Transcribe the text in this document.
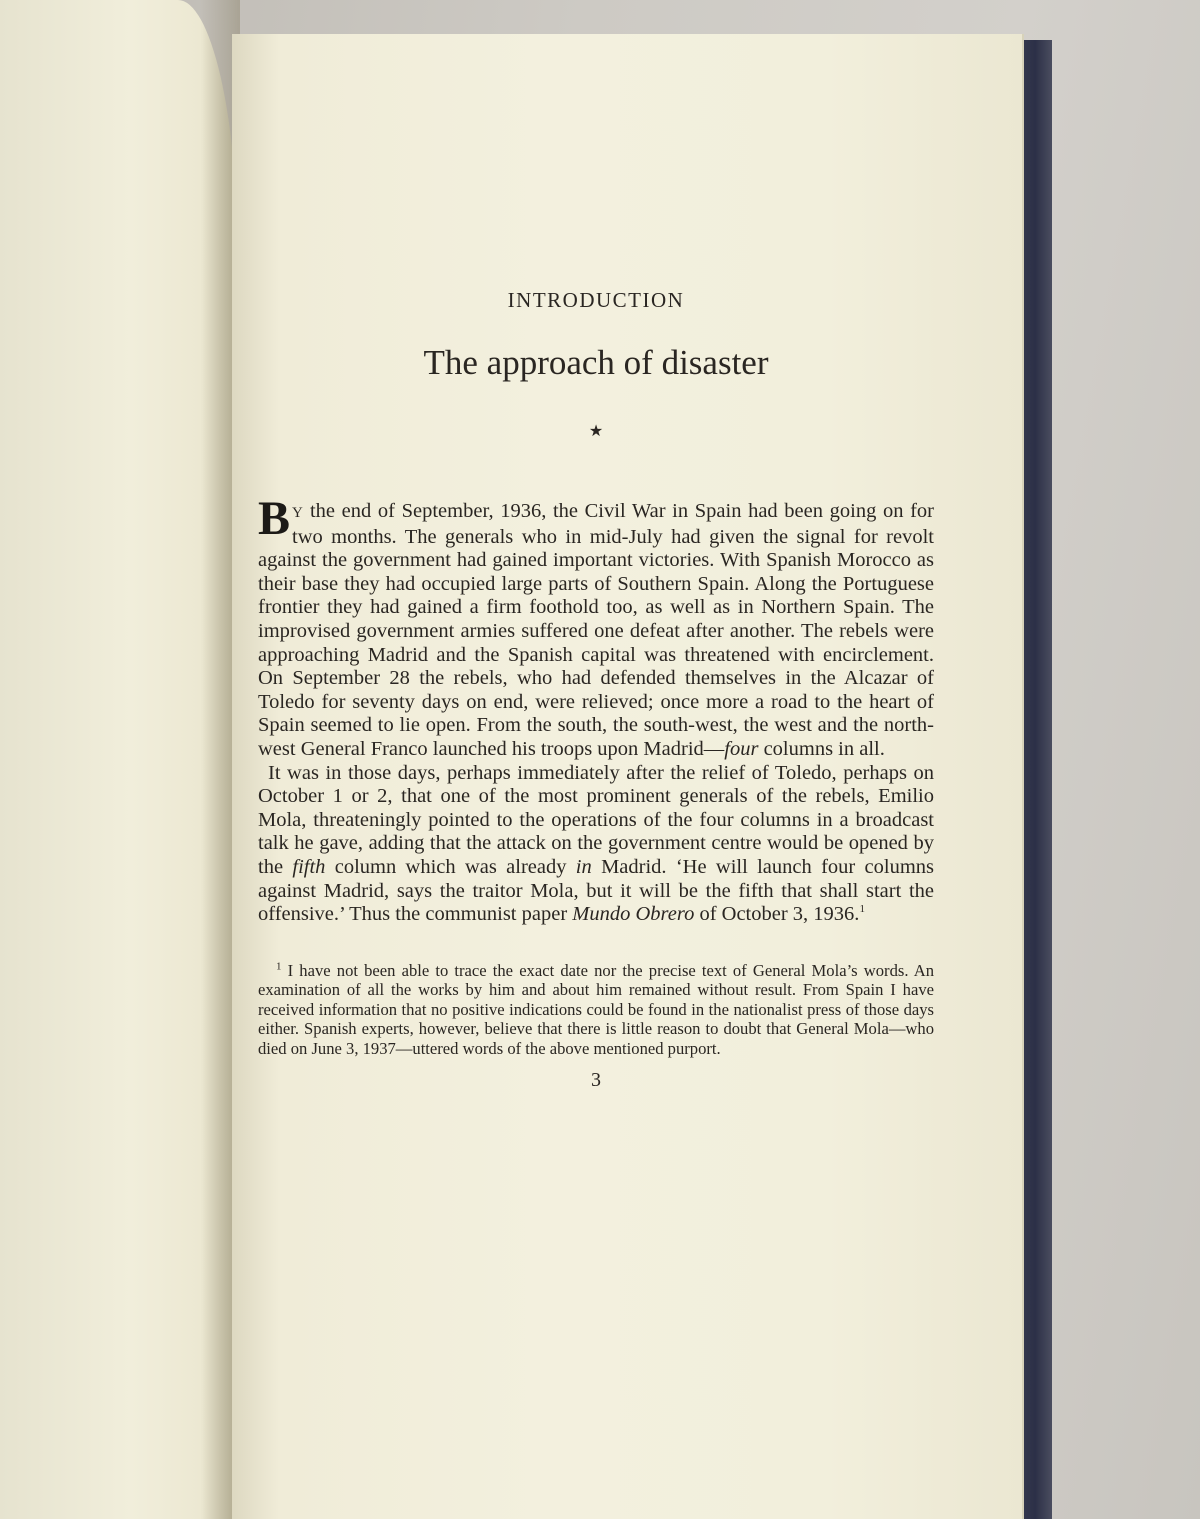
INTRODUCTION
The approach of disaster
★

B Y the end of September, 1936, the Civil War in Spain had been going on for two months. The generals who in mid-July had given the signal for revolt against the government had gained important victories. With Spanish Morocco as their base they had occupied large parts of Southern Spain. Along the Portuguese frontier they had gained a firm foothold too, as well as in Northern Spain. The improvised government armies suffered one defeat after another. The rebels were approaching Madrid and the Spanish capital was threatened with encirclement. On September 28 the rebels, who had defended themselves in the Alcazar of Toledo for seventy days on end, were relieved; once more a road to the heart of Spain seemed to lie open. From the south, the south-west, the west and the north-west General Franco launched his troops upon Madrid—four columns in all.

It was in those days, perhaps immediately after the relief of Toledo, perhaps on October 1 or 2, that one of the most prominent generals of the rebels, Emilio Mola, threateningly pointed to the operations of the four columns in a broadcast talk he gave, adding that the attack on the government centre would be opened by the fifth column which was already in Madrid. ‘He will launch four columns against Madrid, says the traitor Mola, but it will be the fifth that shall start the offensive.’ Thus the communist paper Mundo Obrero of October 3, 1936.$^1$

$^1$ I have not been able to trace the exact date nor the precise text of General Mola’s words. An examination of all the works by him and about him remained without result. From Spain I have received information that no positive indications could be found in the nationalist press of those days either. Spanish experts, however, believe that there is little reason to doubt that General Mola—who died on June 3, 1937—uttered words of the above mentioned purport.

3
